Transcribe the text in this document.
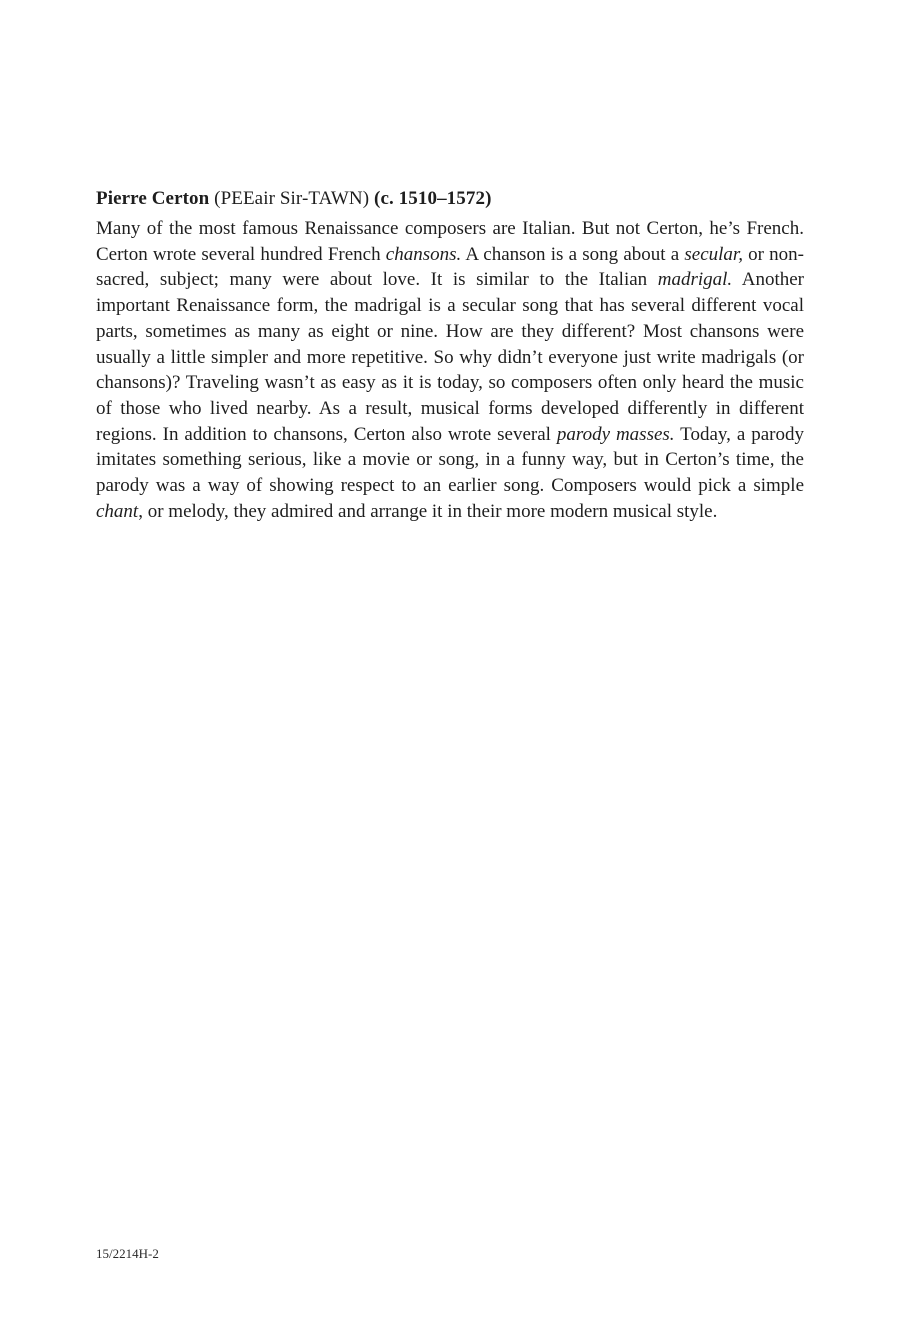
Pierre Certon (PEEair Sir-TAWN) (c. 1510–1572)

Many of the most famous Renaissance composers are Italian. But not Certon, he’s French. Certon wrote several hundred French chansons. A chanson is a song about a secular, or non-sacred, subject; many were about love. It is similar to the Italian madrigal. Another important Renaissance form, the madrigal is a secular song that has several different vocal parts, sometimes as many as eight or nine. How are they different? Most chansons were usually a little simpler and more repetitive. So why didn’t everyone just write madrigals (or chansons)? Traveling wasn’t as easy as it is today, so composers often only heard the music of those who lived nearby. As a result, musical forms developed differently in different regions. In addition to chansons, Certon also wrote several parody masses. Today, a parody imitates something serious, like a movie or song, in a funny way, but in Certon’s time, the parody was a way of showing respect to an earlier song. Composers would pick a simple chant, or melody, they admired and arrange it in their more modern musical style.

15/2214H-2
